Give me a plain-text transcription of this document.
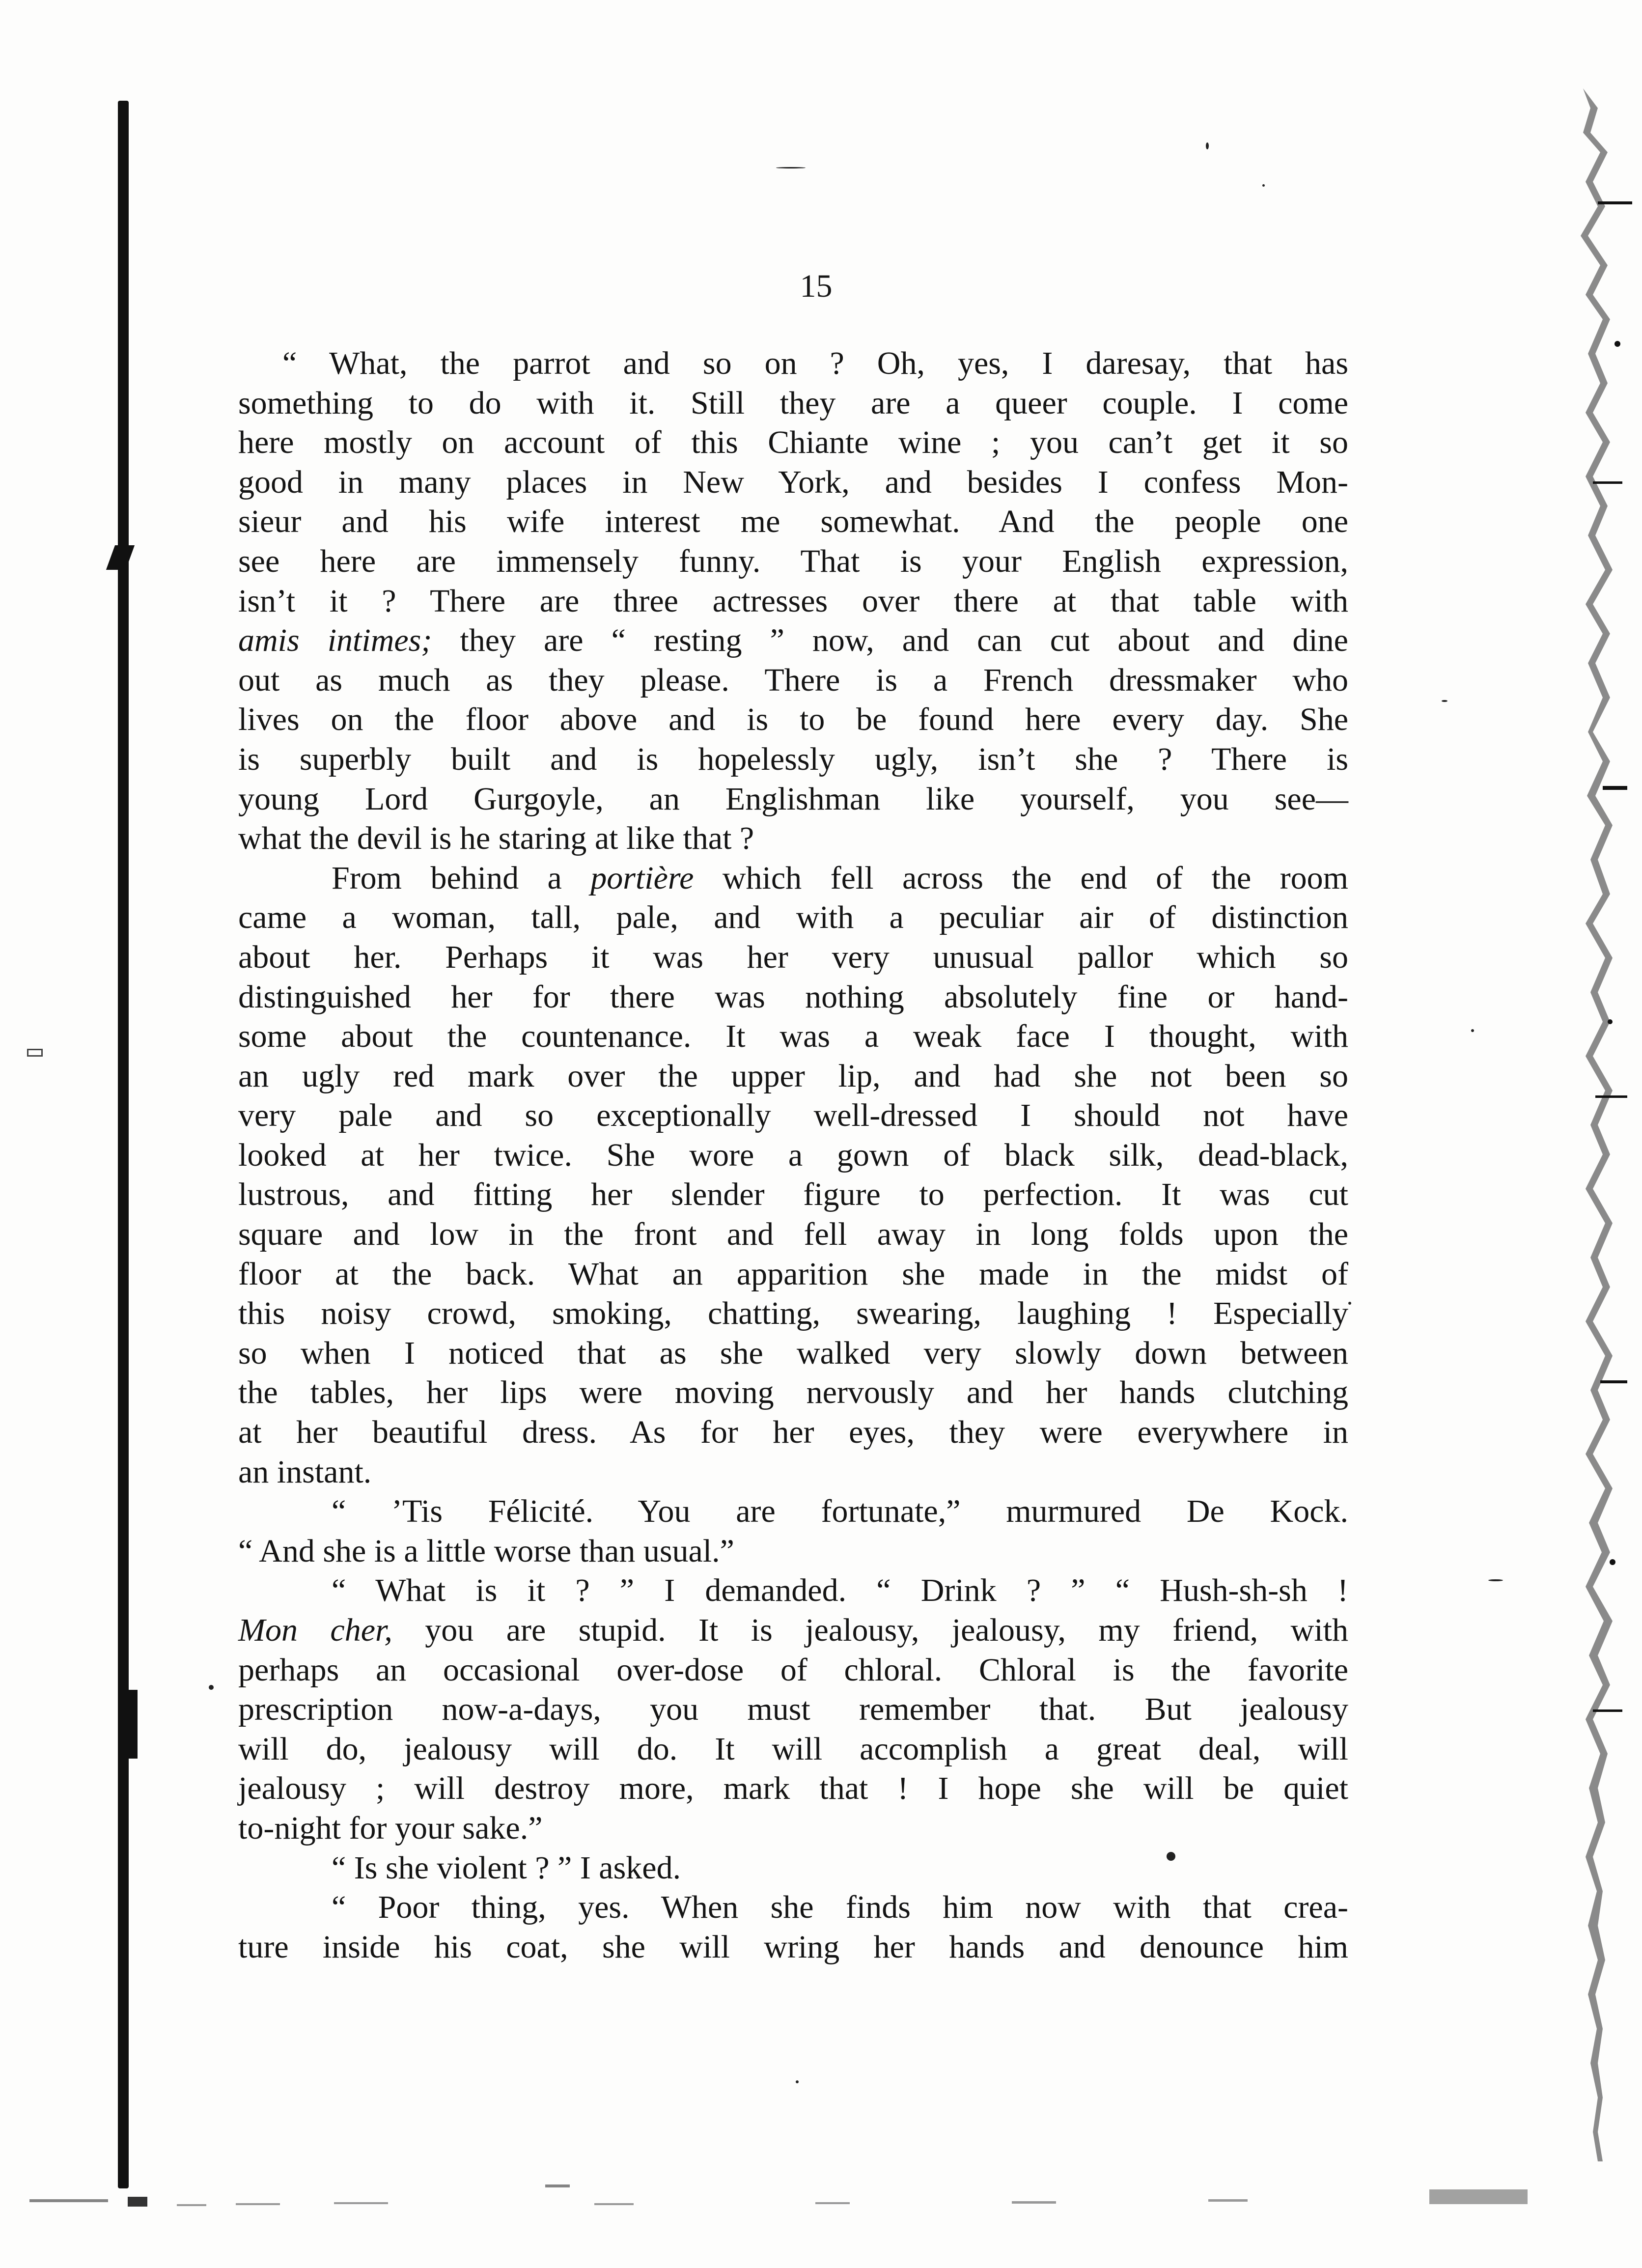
15
“ What, the parrot and so on ? Oh, yes, I daresay, that has
something to do with it. Still they are a queer couple. I come
here mostly on account of this Chiante wine ; you can’t get it so
good in many places in New York, and besides I confess Mon-
sieur and his wife interest me somewhat. And the people one
see here are immensely funny. That is your English expression,
isn’t it ? There are three actresses over there at that table with
amis intimes; they are “ resting ” now, and can cut about and dine
out as much as they please. There is a French dressmaker who
lives on the floor above and is to be found here every day. She
is superbly built and is hopelessly ugly, isn’t she ? There is
young Lord Gurgoyle, an Englishman like yourself, you see—
what the devil is he staring at like that ?
From behind a portière which fell across the end of the room
came a woman, tall, pale, and with a peculiar air of distinction
about her. Perhaps it was her very unusual pallor which so
distinguished her for there was nothing absolutely fine or hand-
some about the countenance. It was a weak face I thought, with
an ugly red mark over the upper lip, and had she not been so
very pale and so exceptionally well-dressed I should not have
looked at her twice. She wore a gown of black silk, dead-black,
lustrous, and fitting her slender figure to perfection. It was cut
square and low in the front and fell away in long folds upon the
floor at the back. What an apparition she made in the midst of
this noisy crowd, smoking, chatting, swearing, laughing ! Especially
so when I noticed that as she walked very slowly down between
the tables, her lips were moving nervously and her hands clutching
at her beautiful dress. As for her eyes, they were everywhere in
an instant.
“ ’Tis Félicité. You are fortunate,” murmured De Kock.
“ And she is a little worse than usual.”
“ What is it ? ” I demanded. “ Drink ? ” “ Hush-sh-sh !
Mon cher, you are stupid. It is jealousy, jealousy, my friend, with
perhaps an occasional over-dose of chloral. Chloral is the favorite
prescription now-a-days, you must remember that. But jealousy
will do, jealousy will do. It will accomplish a great deal, will
jealousy ; will destroy more, mark that ! I hope she will be quiet
to-night for your sake.”
“ Is she violent ? ” I asked.
“ Poor thing, yes. When she finds him now with that crea-
ture inside his coat, she will wring her hands and denounce him
